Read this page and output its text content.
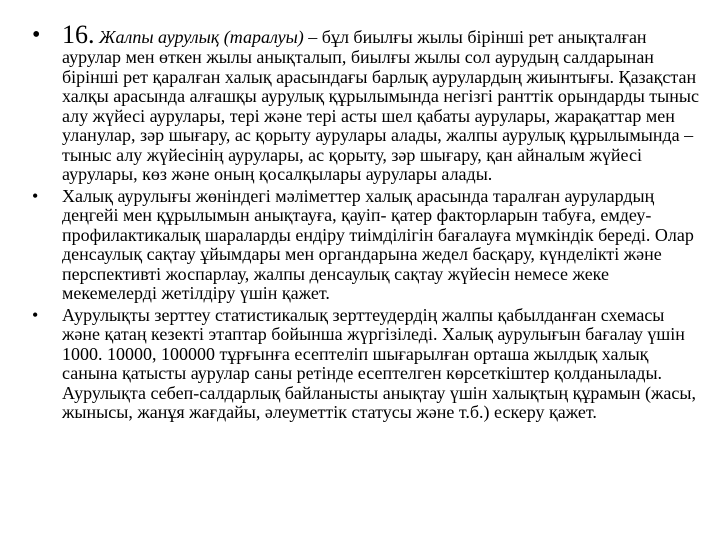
• 16. Жалпы аурулық (таралуы) – бұл биылғы жылы бірінші рет анықталған аурулар мен өткен жылы анықталып, биылғы жылы сол аурудың салдарынан бірінші рет қаралған халық арасындағы барлық аурулардың жиынтығы. Қазақстан халқы арасында алғашқы аурулық құрылымында негізгі ранттік орындарды тыныс алу жүйесі аурулары, тері және тері асты шел қабаты аурулары, жарақаттар мен уланулар, зәр шығару, ас қорыту аурулары алады, жалпы аурулық құрылымында – тыныс алу жүйесінің аурулары, ас қорыту, зәр шығару, қан айналым жүйесі аурулары, көз және оның қосалқылары аурулары алады.
• Халық аурулығы жөніндегі мәліметтер халық арасында таралған аурулардың деңгейі мен құрылымын анықтауға, қауіп- қатер факторларын табуға, емдеу-профилактикалық шараларды ендіру тиімділігін бағалауға мүмкіндік береді. Олар денсаулық сақтау ұйымдары мен органдарына жедел басқару, күнделікті және перспективті жоспарлау, жалпы денсаулық сақтау жүйесін немесе жеке мекемелерді жетілдіру үшін қажет.
• Аурулықты зерттеу статистикалық зерттеудердің жалпы қабылданған схемасы және қатаң кезекті этаптар бойынша жүргізіледі. Халық аурулығын бағалау үшін 1000. 10000, 100000 тұрғынға есептеліп шығарылған орташа жылдық халық санына қатысты аурулар саны ретінде есептелген көрсеткіштер қолданылады. Аурулықта себеп-салдарлық байланысты анықтау үшін халықтың құрамын (жасы, жынысы, жанұя жағдайы, әлеуметтік статусы және т.б.) ескеру қажет.
